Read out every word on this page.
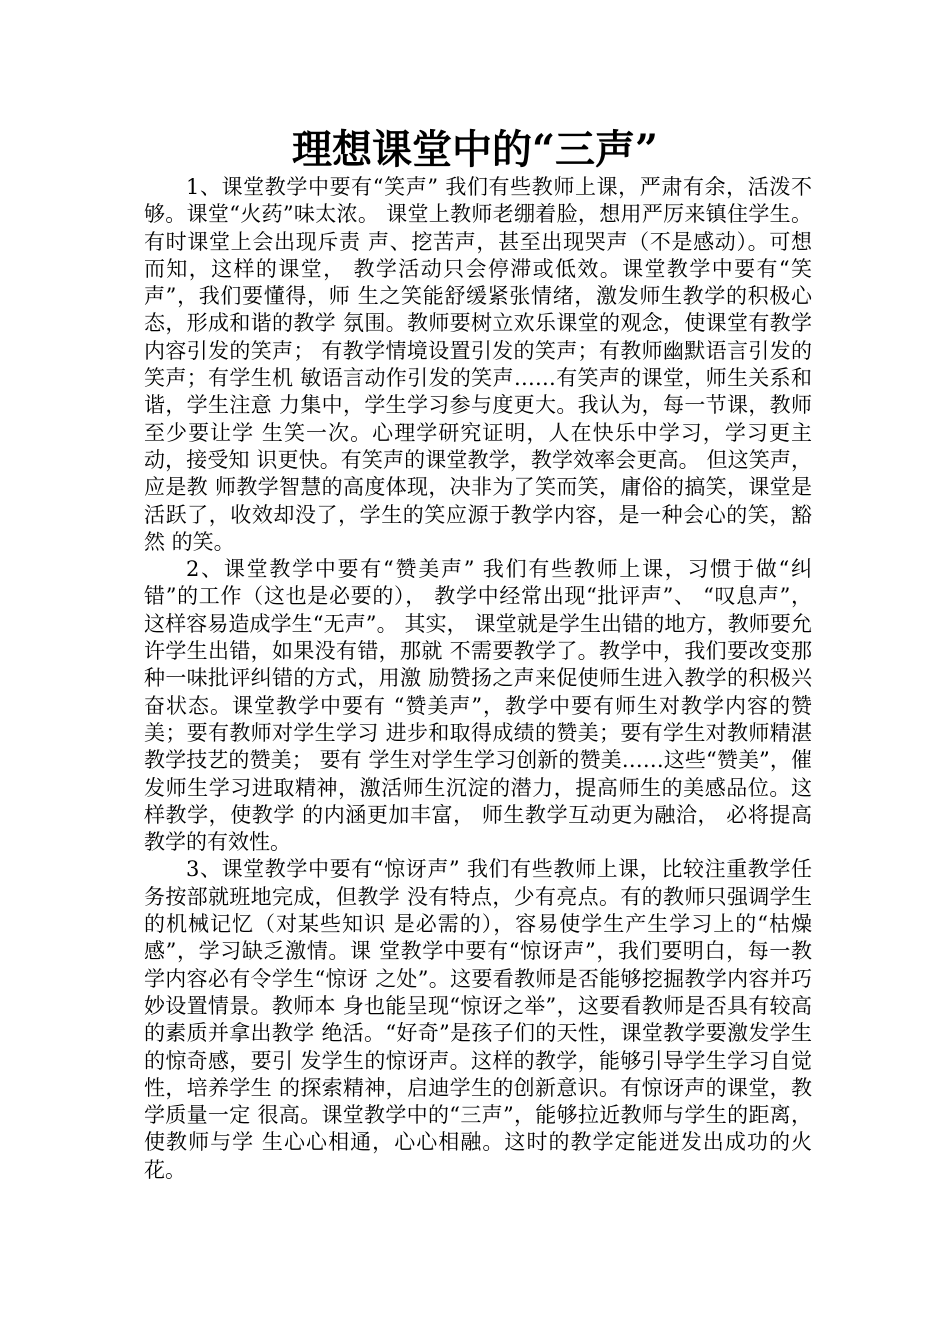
理想课堂中的“三声”

1、课堂教学中要有“笑声” 我们有些教师上课，严肃有余，活泼不够。课堂“火药”味太浓。 课堂上教师老绷着脸，想用严厉来镇住学生。有时课堂上会出现斥责 声、挖苦声，甚至出现哭声（不是感动）。可想而知，这样的课堂， 教学活动只会停滞或低效。课堂教学中要有“笑声”，我们要懂得，师 生之笑能舒缓紧张情绪，激发师生教学的积极心态，形成和谐的教学 氛围。教师要树立欢乐课堂的观念，使课堂有教学内容引发的笑声； 有教学情境设置引发的笑声；有教师幽默语言引发的笑声；有学生机 敏语言动作引发的笑声……有笑声的课堂，师生关系和谐，学生注意 力集中，学生学习参与度更大。我认为，每一节课，教师至少要让学 生笑一次。心理学研究证明，人在快乐中学习，学习更主动，接受知 识更快。有笑声的课堂教学，教学效率会更高。 但这笑声，应是教 师教学智慧的高度体现，决非为了笑而笑，庸俗的搞笑，课堂是活跃了，收效却没了，学生的笑应源于教学内容，是一种会心的笑，豁然 的笑。

2、课堂教学中要有“赞美声” 我们有些教师上课，习惯于做“纠错”的工作（这也是必要的）， 教学中经常出现“批评声”、 “叹息声”， 这样容易造成学生“无声”。 其实， 课堂就是学生出错的地方，教师要允许学生出错，如果没有错，那就 不需要教学了。教学中，我们要改变那种一味批评纠错的方式，用激 励赞扬之声来促使师生进入教学的积极兴奋状态。课堂教学中要有 “赞美声”，教学中要有师生对教学内容的赞美；要有教师对学生学习 进步和取得成绩的赞美；要有学生对教师精湛教学技艺的赞美； 要有 学生对学生学习创新的赞美……这些“赞美”，催发师生学习进取精神，激活师生沉淀的潜力，提高师生的美感品位。这样教学，使教学 的内涵更加丰富， 师生教学互动更为融洽， 必将提高教学的有效性。

3、课堂教学中要有“惊讶声” 我们有些教师上课，比较注重教学任务按部就班地完成，但教学 没有特点，少有亮点。有的教师只强调学生的机械记忆（对某些知识 是必需的），容易使学生产生学习上的“枯燥感”，学习缺乏激情。课 堂教学中要有“惊讶声”，我们要明白，每一教学内容必有令学生“惊讶 之处”。这要看教师是否能够挖掘教学内容并巧妙设置情景。教师本 身也能呈现“惊讶之举”，这要看教师是否具有较高的素质并拿出教学 绝活。“好奇”是孩子们的天性，课堂教学要激发学生的惊奇感，要引 发学生的惊讶声。这样的教学，能够引导学生学习自觉性，培养学生 的探索精神，启迪学生的创新意识。有惊讶声的课堂，教学质量一定 很高。课堂教学中的“三声”，能够拉近教师与学生的距离，使教师与学 生心心相通，心心相融。这时的教学定能迸发出成功的火花。
